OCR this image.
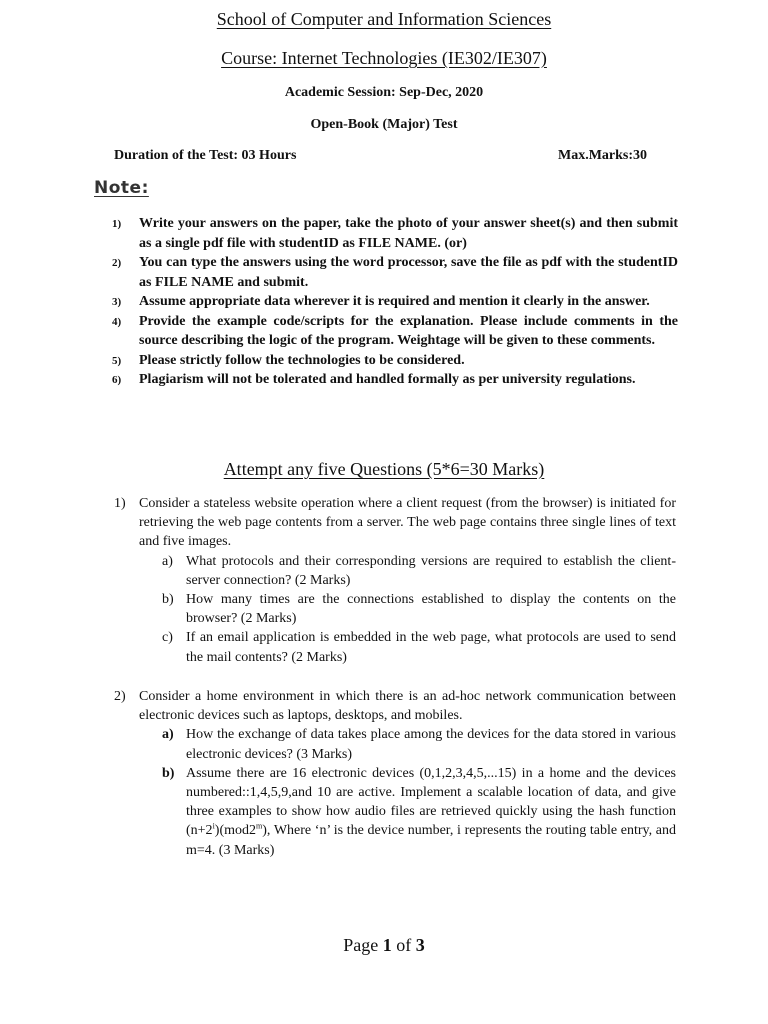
School of Computer and Information Sciences
Course: Internet Technologies (IE302/IE307)
Academic Session: Sep-Dec, 2020
Open-Book (Major) Test
Duration of the Test: 03 Hours	Max.Marks:30
Note:
1) Write your answers on the paper, take the photo of your answer sheet(s) and then submit as a single pdf file with studentID as FILE NAME. (or)
2) You can type the answers using the word processor, save the file as pdf with the studentID as FILE NAME and submit.
3) Assume appropriate data wherever it is required and mention it clearly in the answer.
4) Provide the example code/scripts for the explanation. Please include comments in the source describing the logic of the program. Weightage will be given to these comments.
5) Please strictly follow the technologies to be considered.
6) Plagiarism will not be tolerated and handled formally as per university regulations.
Attempt any five Questions (5*6=30 Marks)
1) Consider a stateless website operation where a client request (from the browser) is initiated for retrieving the web page contents from a server. The web page contains three single lines of text and five images.
a) What protocols and their corresponding versions are required to establish the client-server connection? (2 Marks)
b) How many times are the connections established to display the contents on the browser? (2 Marks)
c) If an email application is embedded in the web page, what protocols are used to send the mail contents? (2 Marks)
2) Consider a home environment in which there is an ad-hoc network communication between electronic devices such as laptops, desktops, and mobiles.
a) How the exchange of data takes place among the devices for the data stored in various electronic devices? (3 Marks)
b) Assume there are 16 electronic devices (0,1,2,3,4,5,...15) in a home and the devices numbered::1,4,5,9,and 10 are active. Implement a scalable location of data, and give three examples to show how audio files are retrieved quickly using the hash function $(n+2^i)(mod2^m)$, Where ‘n’ is the device number, i represents the routing table entry, and m=4. (3 Marks)
Page 1 of 3
